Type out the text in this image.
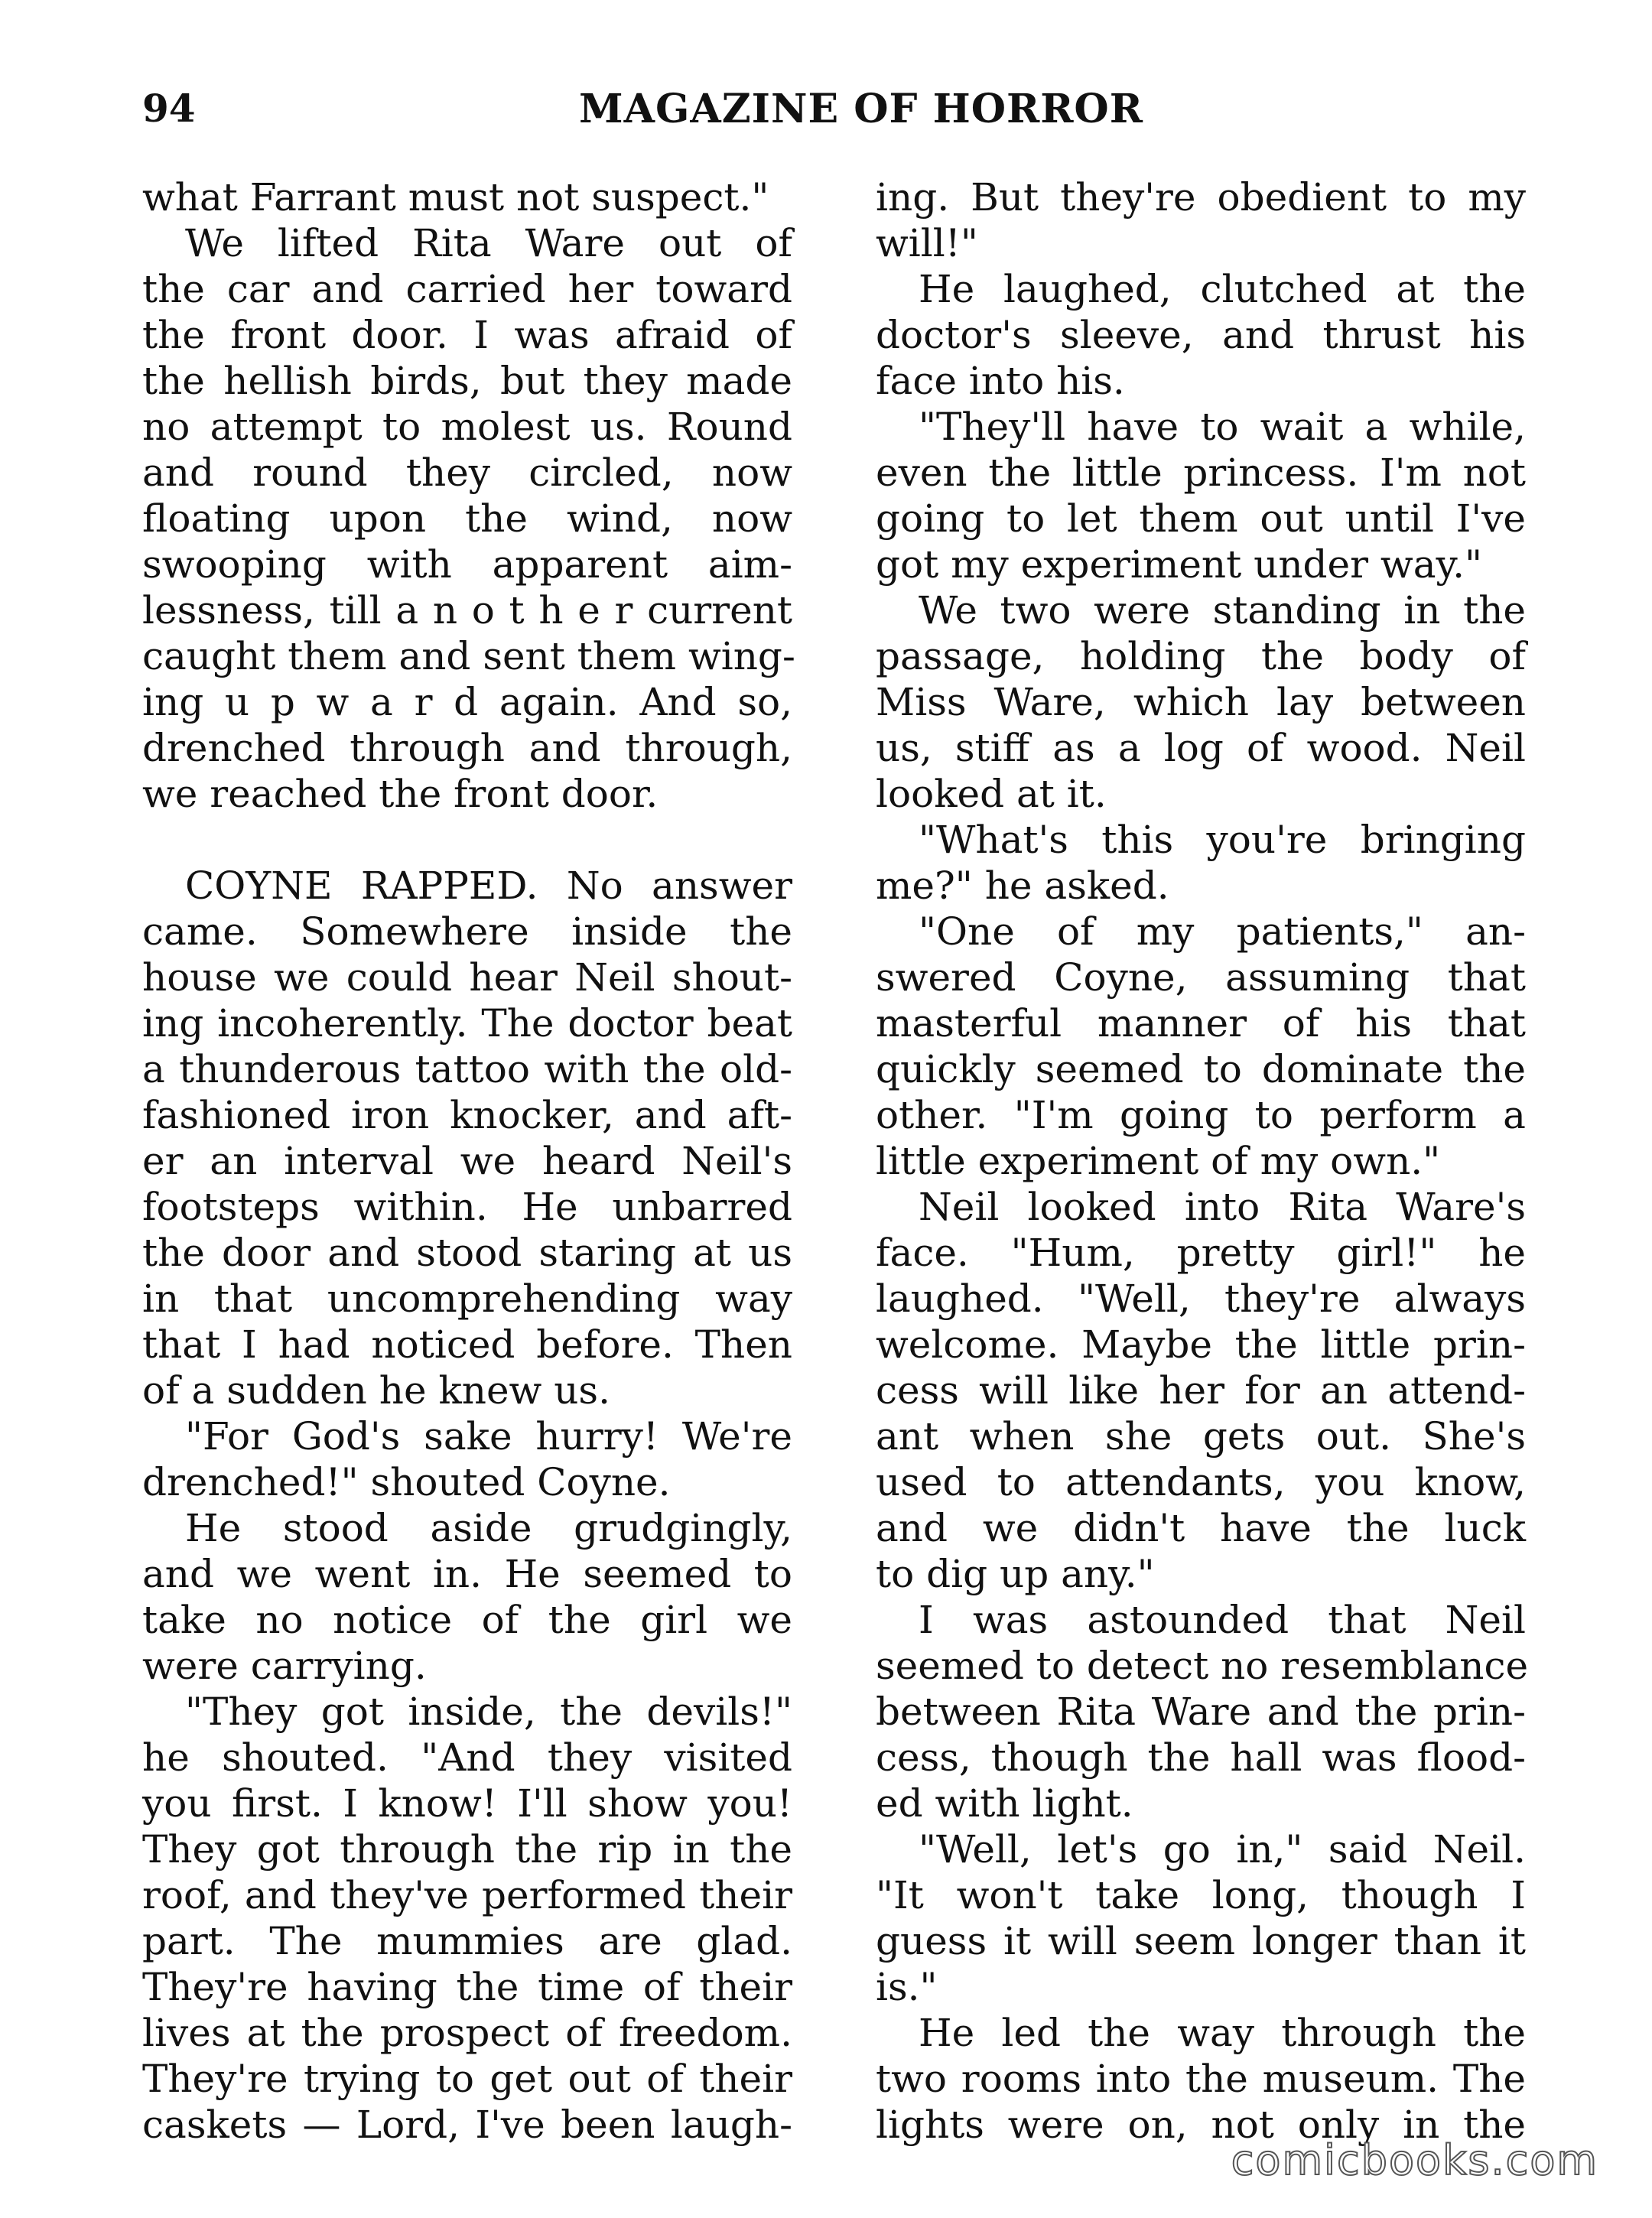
94	MAGAZINE OF HORROR
what Farrant must not suspect."
We lifted Rita Ware out of
the car and carried her toward
the front door. I was afraid of
the hellish birds, but they made
no attempt to molest us. Round
and round they circled, now
floating upon the wind, now
swooping with apparent aim-
lessness, till a n o t h e r current
caught them and sent them wing-
ing u p w a r d again. And so,
drenched through and through,
we reached the front door.
COYNE RAPPED. No answer
came. Somewhere inside the
house we could hear Neil shout-
ing incoherently. The doctor beat
a thunderous tattoo with the old-
fashioned iron knocker, and aft-
er an interval we heard Neil's
footsteps within. He unbarred
the door and stood staring at us
in that uncomprehending way
that I had noticed before. Then
of a sudden he knew us.
"For God's sake hurry! We're
drenched!" shouted Coyne.
He stood aside grudgingly,
and we went in. He seemed to
take no notice of the girl we
were carrying.
"They got inside, the devils!"
he shouted. "And they visited
you first. I know! I'll show you!
They got through the rip in the
roof, and they've performed their
part. The mummies are glad.
They're having the time of their
lives at the prospect of freedom.
They're trying to get out of their
caskets — Lord, I've been laugh-
ing. But they're obedient to my
will!"
He laughed, clutched at the
doctor's sleeve, and thrust his
face into his.
"They'll have to wait a while,
even the little princess. I'm not
going to let them out until I've
got my experiment under way."
We two were standing in the
passage, holding the body of
Miss Ware, which lay between
us, stiff as a log of wood. Neil
looked at it.
"What's this you're bringing
me?" he asked.
"One of my patients," an-
swered Coyne, assuming that
masterful manner of his that
quickly seemed to dominate the
other. "I'm going to perform a
little experiment of my own."
Neil looked into Rita Ware's
face. "Hum, pretty girl!" he
laughed. "Well, they're always
welcome. Maybe the little prin-
cess will like her for an attend-
ant when she gets out. She's
used to attendants, you know,
and we didn't have the luck
to dig up any."
I was astounded that Neil
seemed to detect no resemblance
between Rita Ware and the prin-
cess, though the hall was flood-
ed with light.
"Well, let's go in," said Neil.
"It won't take long, though I
guess it will seem longer than it
is."
He led the way through the
two rooms into the museum. The
lights were on, not only in the
comicbooks.com
